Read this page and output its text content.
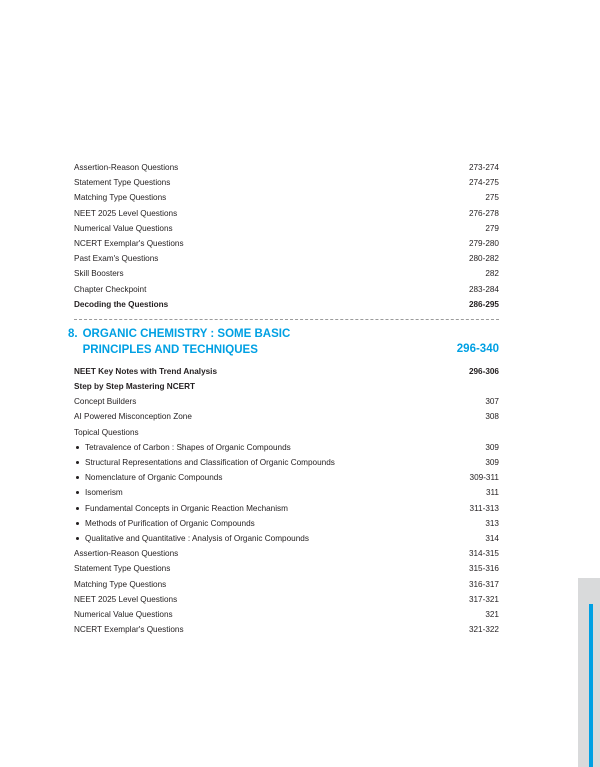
Assertion-Reason Questions	273-274
Statement Type Questions	274-275
Matching Type Questions	275
NEET 2025 Level Questions	276-278
Numerical Value Questions	279
NCERT Exemplar's Questions	279-280
Past Exam's Questions	280-282
Skill Boosters	282
Chapter Checkpoint	283-284
Decoding the Questions	286-295
8. ORGANIC CHEMISTRY : SOME BASIC
PRINCIPLES AND TECHNIQUES	296-340
NEET Key Notes with Trend Analysis	296-306
Step by Step Mastering NCERT
Concept Builders	307
AI Powered Misconception Zone	308
Topical Questions
Tetravalence of Carbon : Shapes of Organic Compounds	309
Structural Representations and Classification of Organic Compounds	309
Nomenclature of Organic Compounds	309-311
Isomerism	311
Fundamental Concepts in Organic Reaction Mechanism	311-313
Methods of Purification of Organic Compounds	313
Qualitative and Quantitative : Analysis of Organic Compounds	314
Assertion-Reason Questions	314-315
Statement Type Questions	315-316
Matching Type Questions	316-317
NEET 2025 Level Questions	317-321
Numerical Value Questions	321
NCERT Exemplar's Questions	321-322
